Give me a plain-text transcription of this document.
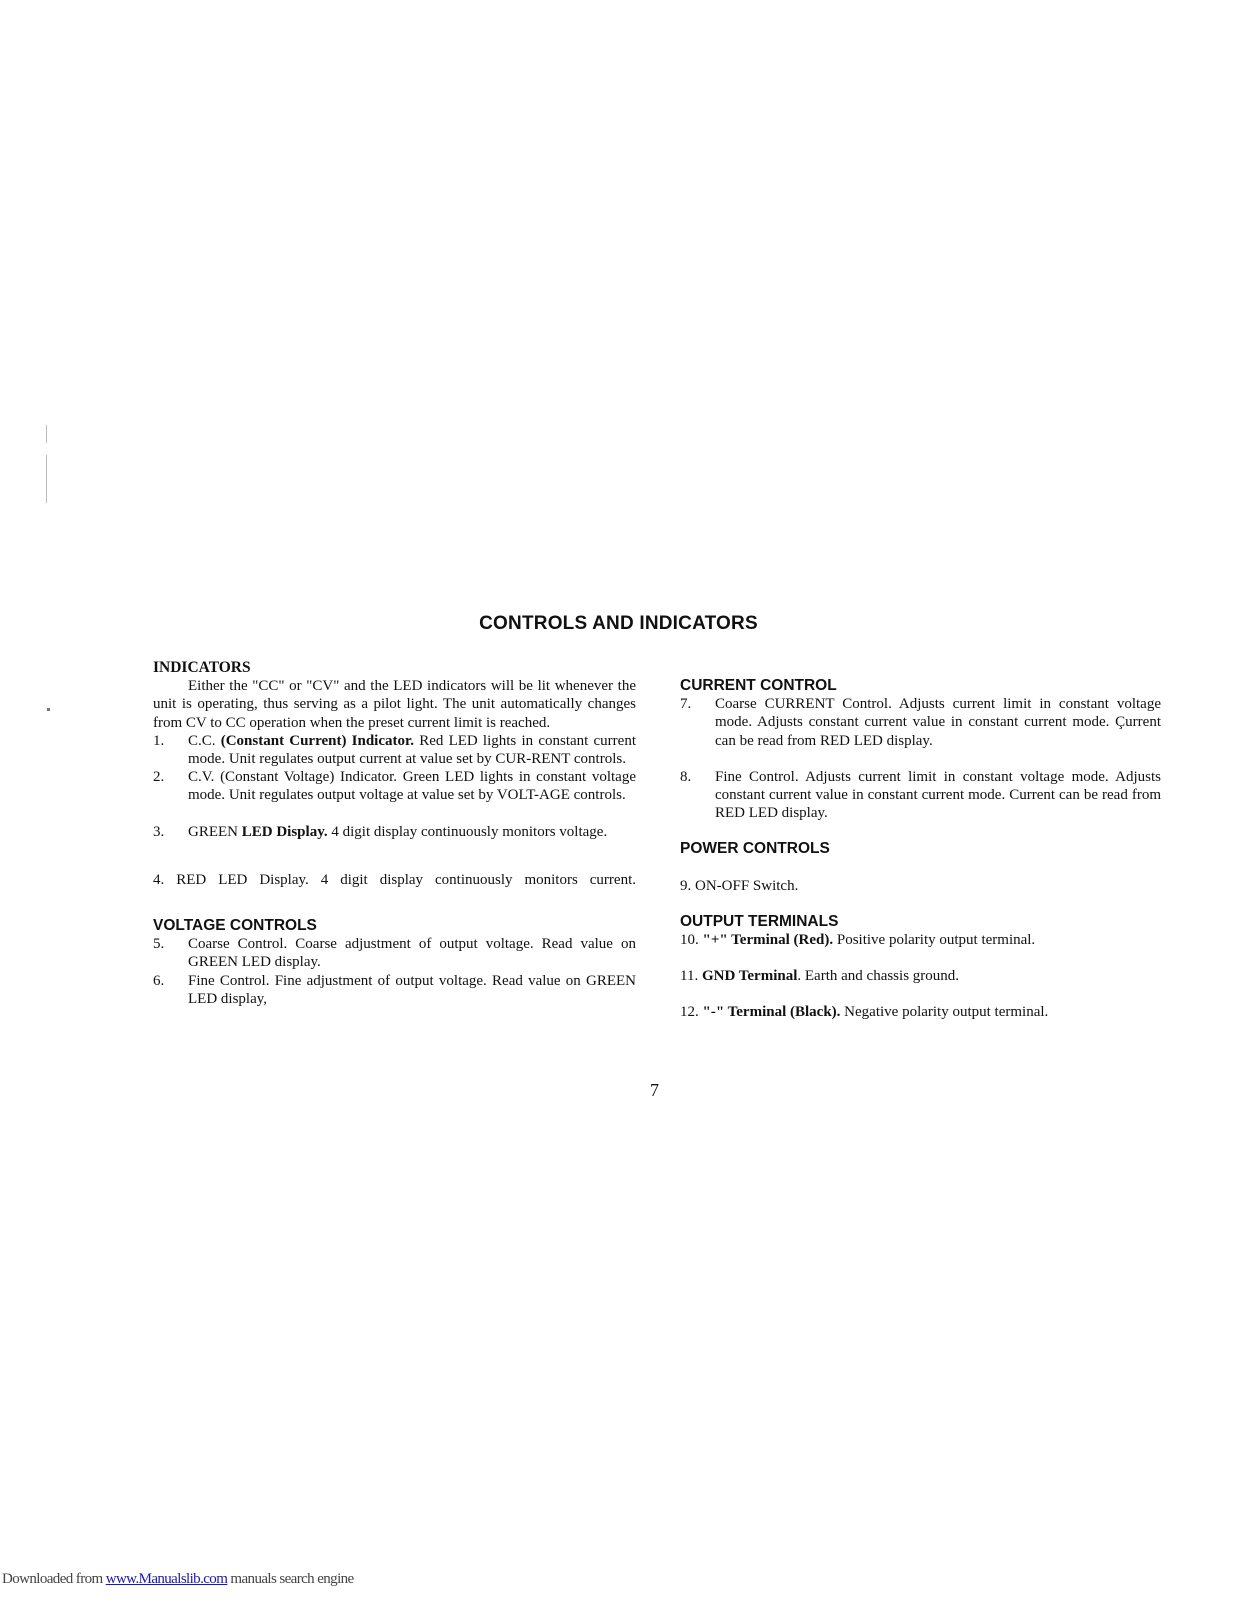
CONTROLS AND INDICATORS
INDICATORS
Either the "CC" or "CV" and the LED indicators will be lit whenever the unit is operating, thus serving as a pilot light. The unit automatically changes from CV to CC operation when the preset current limit is reached.
1.	C.C. (Constant Current) Indicator. Red LED lights in constant current mode. Unit regulates output current at value set by CUR-RENT controls.
2.	C.V. (Constant Voltage) Indicator. Green LED lights in constant voltage mode. Unit regulates output voltage at value set by VOLT-AGE controls.
3.	GREEN LED Display. 4 digit display continuously monitors voltage.
4. RED LED Display. 4 digit display continuously monitors current.
VOLTAGE CONTROLS
5.	Coarse Control. Coarse adjustment of output voltage. Read value on GREEN LED display.
6.	Fine Control. Fine adjustment of output voltage. Read value on GREEN LED display,
CURRENT CONTROL
7.	Coarse CURRENT Control. Adjusts current limit in constant voltage mode. Adjusts constant current value in constant current mode. Çurrent can be read from RED LED display.
8.	Fine Control. Adjusts current limit in constant voltage mode. Adjusts constant current value in constant current mode. Current can be read from RED LED display.
POWER CONTROLS
9. ON-OFF Switch.
OUTPUT TERMINALS
10. "+" Terminal (Red). Positive polarity output terminal.
11. GND Terminal. Earth and chassis ground.
12. "-" Terminal (Black). Negative polarity output terminal.
7
Downloaded from www.Manualslib.com manuals search engine
